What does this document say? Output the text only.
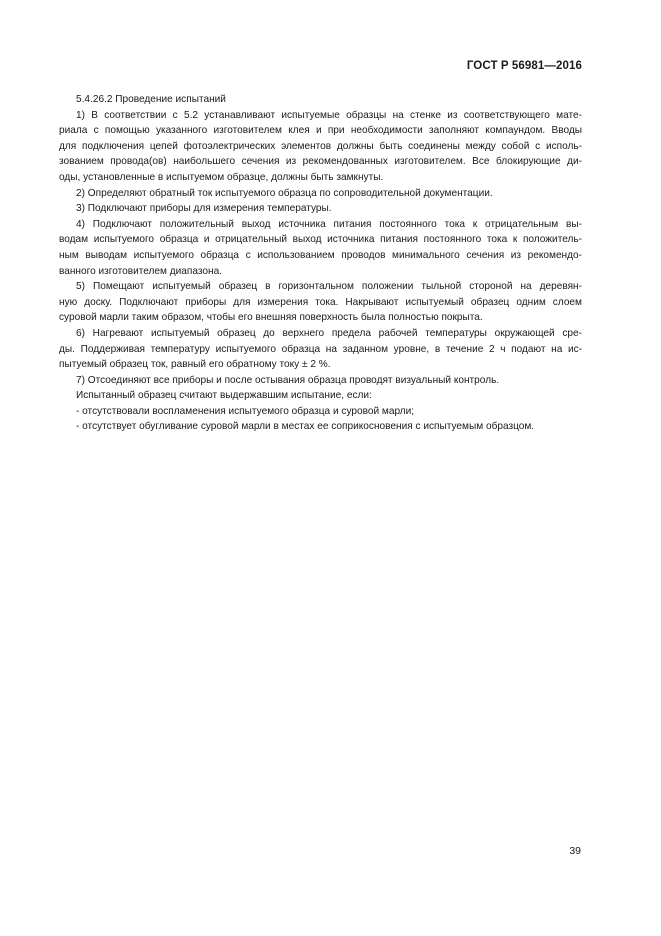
ГОСТ Р 56981—2016
5.4.26.2 Проведение испытаний
1) В соответствии с 5.2 устанавливают испытуемые образцы на стенке из соответствующего мате-
риала с помощью указанного изготовителем клея и при необходимости заполняют компаундом. Вводы
для подключения цепей фотоэлектрических элементов должны быть соединены между собой с исполь-
зованием провода(ов) наибольшего сечения из рекомендованных изготовителем. Все блокирующие ди-
оды, установленные в испытуемом образце, должны быть замкнуты.
2) Определяют обратный ток испытуемого образца по сопроводительной документации.
3) Подключают приборы для измерения температуры.
4) Подключают положительный выход источника питания постоянного тока к отрицательным вы-
водам испытуемого образца и отрицательный выход источника питания постоянного тока к положитель-
ным выводам испытуемого образца с использованием проводов минимального сечения из рекомендо-
ванного изготовителем диапазона.
5) Помещают испытуемый образец в горизонтальном положении тыльной стороной на деревян-
ную доску. Подключают приборы для измерения тока. Накрывают испытуемый образец одним слоем
суровой марли таким образом, чтобы его внешняя поверхность была полностью покрыта.
6) Нагревают испытуемый образец до верхнего предела рабочей температуры окружающей сре-
ды. Поддерживая температуру испытуемого образца на заданном уровне, в течение 2 ч подают на ис-
пытуемый образец ток, равный его обратному току ± 2 %.
7) Отсоединяют все приборы и после остывания образца проводят визуальный контроль.
Испытанный образец считают выдержавшим испытание, если:
- отсутствовали воспламенения испытуемого образца и суровой марли;
- отсутствует обугливание суровой марли в местах ее соприкосновения с испытуемым образцом.
39
